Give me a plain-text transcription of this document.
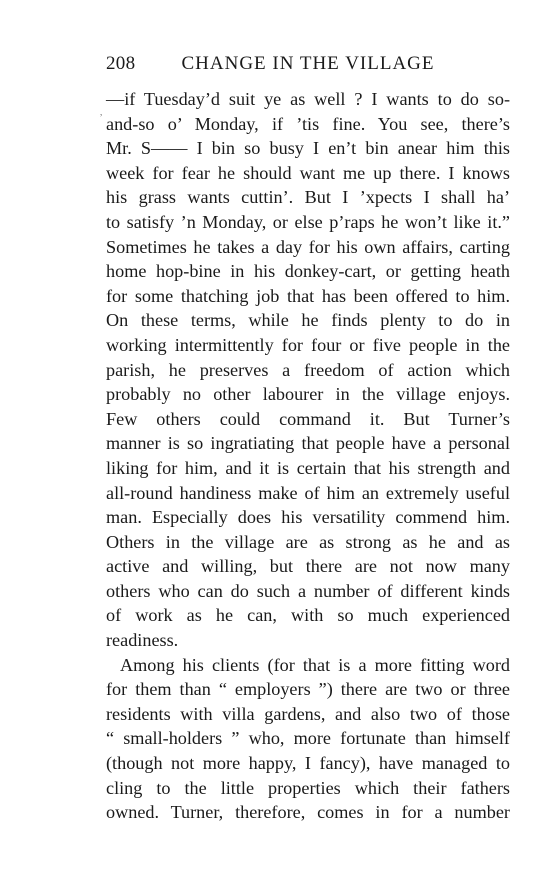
208	CHANGE IN THE VILLAGE
,
—if Tuesday’d suit ye as well ? I wants to do so-
and-so o’ Monday, if ’tis fine. You see, there’s
Mr. S—— I bin so busy I en’t bin anear him this
week for fear he should want me up there. I knows
his grass wants cuttin’. But I ’xpects I shall ha’
to satisfy ’n Monday, or else p’raps he won’t like it.”
Sometimes he takes a day for his own affairs, carting
home hop-bine in his donkey-cart, or getting heath
for some thatching job that has been offered to him.
On these terms, while he finds plenty to do in
working intermittently for four or five people in the
parish, he preserves a freedom of action which
probably no other labourer in the village enjoys.
Few others could command it. But Turner’s
manner is so ingratiating that people have a personal
liking for him, and it is certain that his strength and
all-round handiness make of him an extremely useful
man. Especially does his versatility commend him.
Others in the village are as strong as he and as
active and willing, but there are not now many
others who can do such a number of different kinds
of work as he can, with so much experienced
readiness.
Among his clients (for that is a more fitting word
for them than “ employers ”) there are two or three
residents with villa gardens, and also two of those
“ small-holders ” who, more fortunate than himself
(though not more happy, I fancy), have managed to
cling to the little properties which their fathers
owned. Turner, therefore, comes in for a number
